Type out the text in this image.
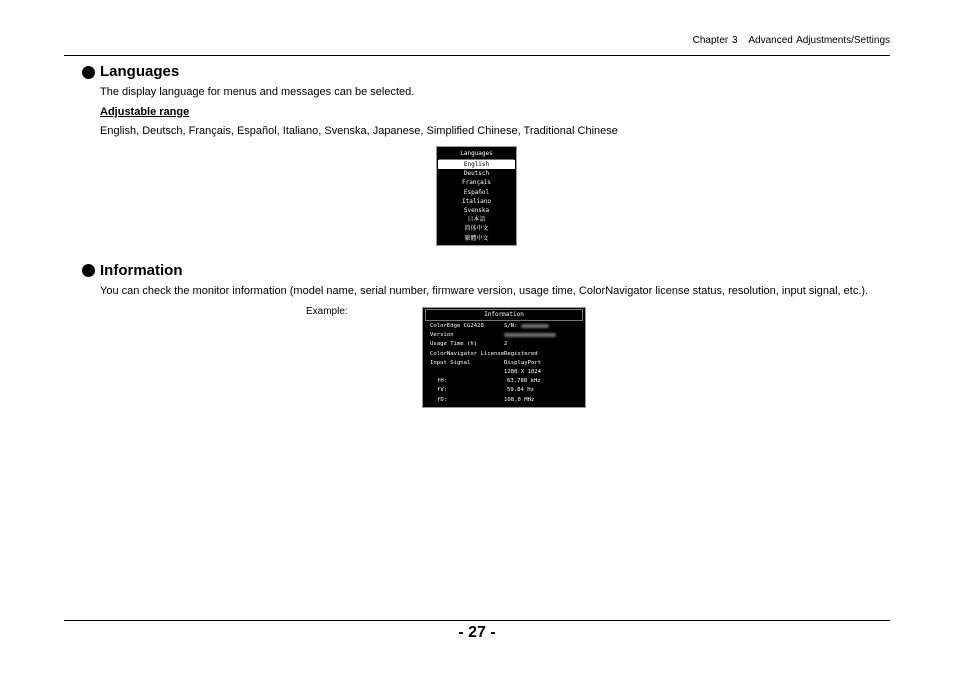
Chapter 3 Advanced Adjustments/Settings
Languages
The display language for menus and messages can be selected.
Adjustable range
English, Deutsch, Français, Español, Italiano, Svenska, Japanese, Simplified Chinese, Traditional Chinese
Languages
English
Deutsch
Français
Español
Italiano
Svenska
日本語
简体中文
繁體中文
Information
You can check the monitor information (model name, serial number, firmware version, usage time, ColorNavigator license status, resolution, input signal, etc.).
Example:	Information
ColorEdge CG2420	S/N:
Version
Usage Time (h)	2
ColorNavigator License Registered
Input Signal	DisplayPort
1280 X 1024
fH:	63.780 kHz
fV:	59.84 Hz
fD:	108.0 MHz
- 27 -
